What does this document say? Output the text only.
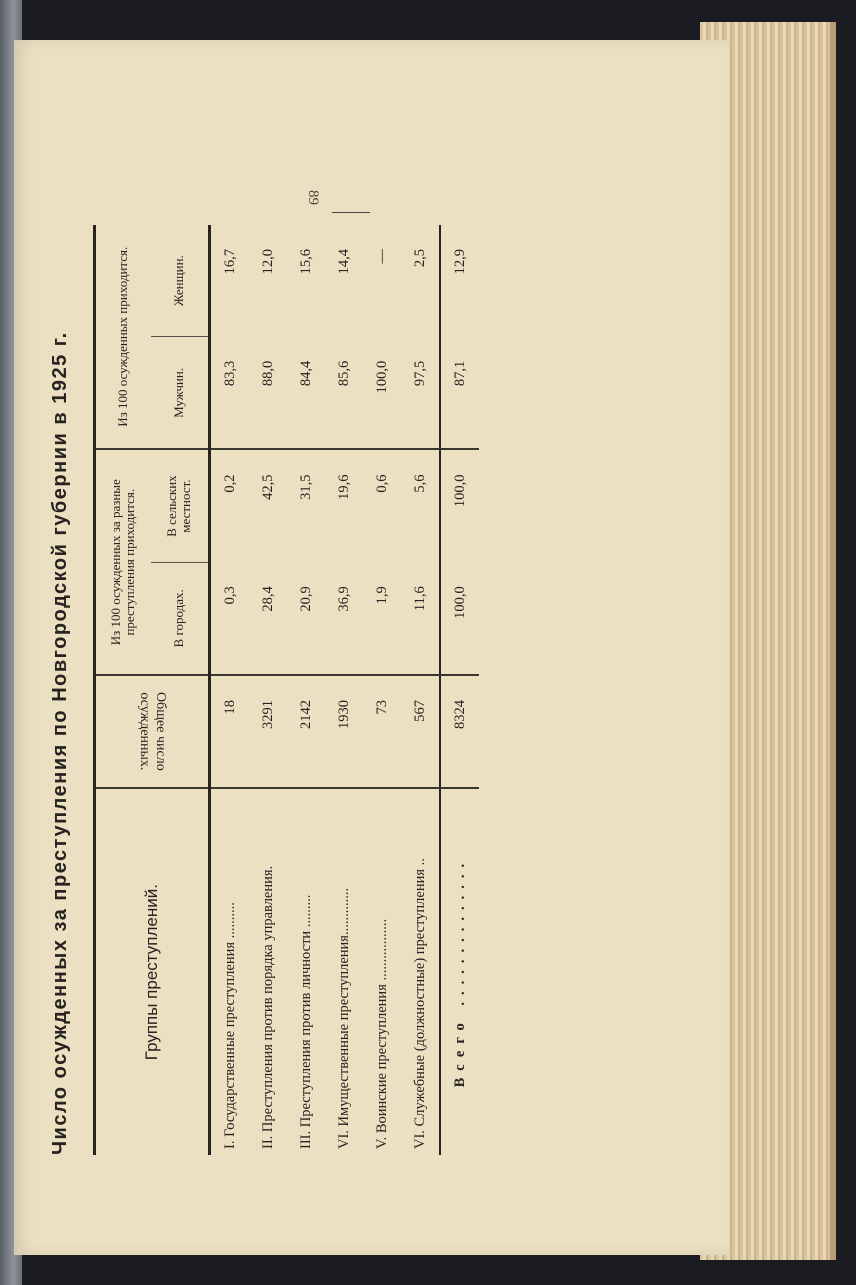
Число осужденных за преступления по Новгородской губернии в 1925 г.
89
Группы преступлений.	Общее число осужденных.	Из 100 осужденных за разные преступления приходится.		Из 100 осужденных приходится.	
		В городах.	В сельских местност.	Мужчин.	Женщин.
I. Государственные преступления ..........	18	0,3	0,2	83,3	16,7
II. Преступления против порядка управления.	3291	28,4	42,5	88,0	12,0
III. Преступления против личности .........	2142	20,9	31,5	84,4	15,6
VI. Имущественные преступления.............	1930	36,9	19,6	85,6	14,4
V. Воинские преступления .................	73	1,9	0,6	100,0	—
VI. Служебные (должностные) преступления ..	567	11,6	5,6	97,5	2,5
Всего ..............	8324	100,0	100,0	87,1	12,9
